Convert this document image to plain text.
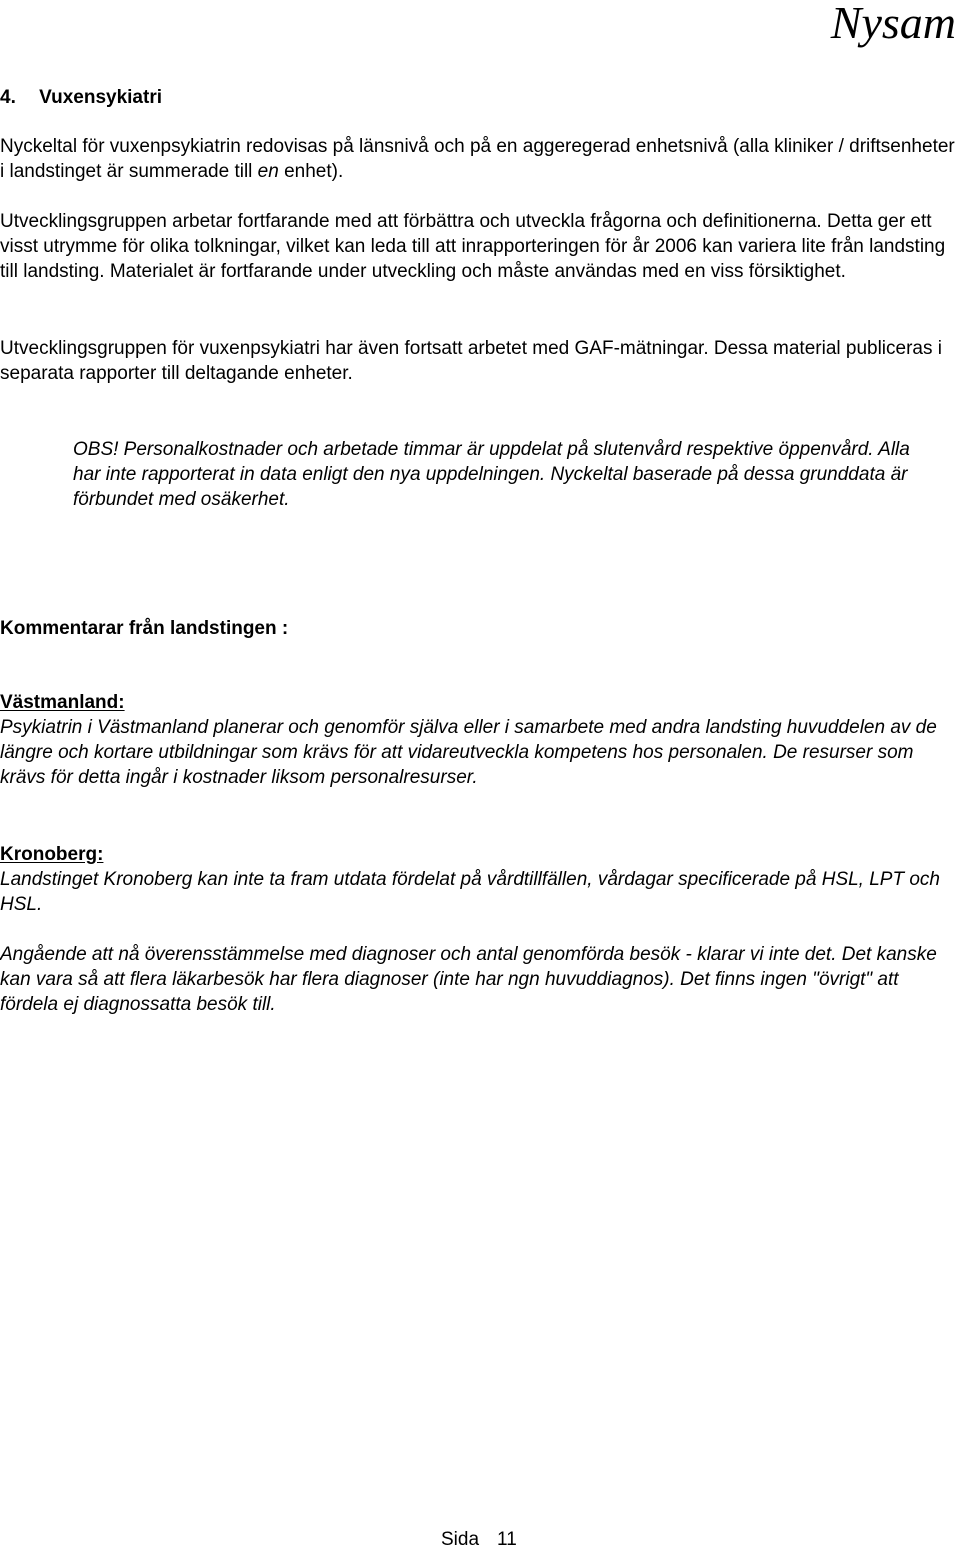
Nysam
4. Vuxensykiatri

Nyckeltal för vuxenpsykiatrin redovisas på länsnivå och på en aggeregerad enhetsnivå (alla kliniker / driftsenheter i landstinget är summerade till en enhet).

Utvecklingsgruppen arbetar fortfarande med att förbättra och utveckla frågorna och definitionerna. Detta ger ett visst utrymme för olika tolkningar, vilket kan leda till att inrapporteringen för år 2006 kan variera lite från landsting till landsting. Materialet är fortfarande under utveckling och måste användas med en viss försiktighet.

Utvecklingsgruppen för vuxenpsykiatri har även fortsatt arbetet med GAF-mätningar. Dessa material publiceras i separata rapporter till deltagande enheter.

OBS! Personalkostnader och arbetade timmar är uppdelat på slutenvård respektive öppenvård. Alla har inte rapporterat in data enligt den nya uppdelningen. Nyckeltal baserade på dessa grunddata är förbundet med osäkerhet.

Kommentarar från landstingen :
Västmanland:

Psykiatrin i Västmanland planerar och genomför själva eller i samarbete med andra landsting huvuddelen av de längre och kortare utbildningar som krävs för att vidareutveckla kompetens hos personalen. De resurser som krävs för detta ingår i kostnader liksom personalresurser.

Kronoberg:

Landstinget Kronoberg kan inte ta fram utdata fördelat på vårdtillfällen, vårdagar specificerade på HSL, LPT och HSL.

Angående att nå överensstämmelse med diagnoser och antal genomförda besök - klarar vi inte det. Det kanske kan vara så att flera läkarbesök har flera diagnoser (inte har ngn huvuddiagnos). Det finns ingen "övrigt" att fördela ej diagnossatta besök till.

Sida 11
